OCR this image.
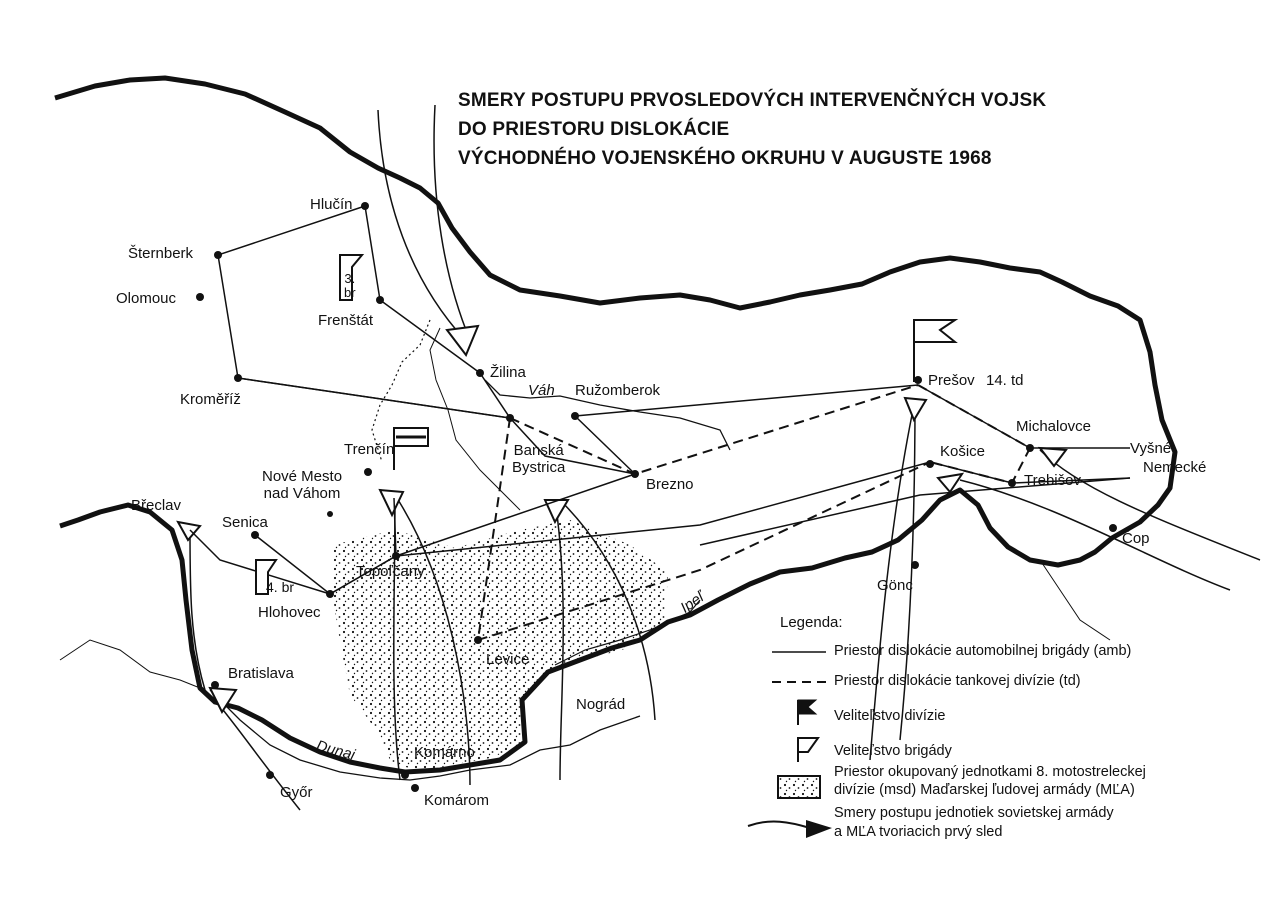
SMERY POSTUPU PRVOSLEDOVÝCH INTERVENČNÝCH VOJSK
DO PRIESTORU DISLOKÁCIE
VÝCHODNÉHO VOJENSKÉHO OKRUHU V AUGUSTE 1968
Hlučín
Šternberk
Olomouc
Frenštát
Kroměříž
Žilina
Váh Ružomberok
Prešov 14. td
Michalovce
Košice	Vyšné
Nemecké
Trebišov
Čop
Gönc
Trenčín
Nové Mesto
nad Váhom
Banská
Bystrica
Brezno
Břeclav
Senica
Topoľčany
Hlohovec	Ipeľ
Levice
Bratislava
Nográd
Dunaj	Komárno
Győr	Komárom
3.
br
4. br
Legenda:
Priestor dislokácie automobilnej brigády (amb)
Priestor dislokácie tankovej divízie (td)
Veliteľstvo divízie
Veliteľstvo brigády
Priestor okupovaný jednotkami 8. motostreleckej
divízie (msd) Maďarskej ľudovej armády (MĽA)
Smery postupu jednotiek sovietskej armády
a MĽA tvoriacich prvý sled
